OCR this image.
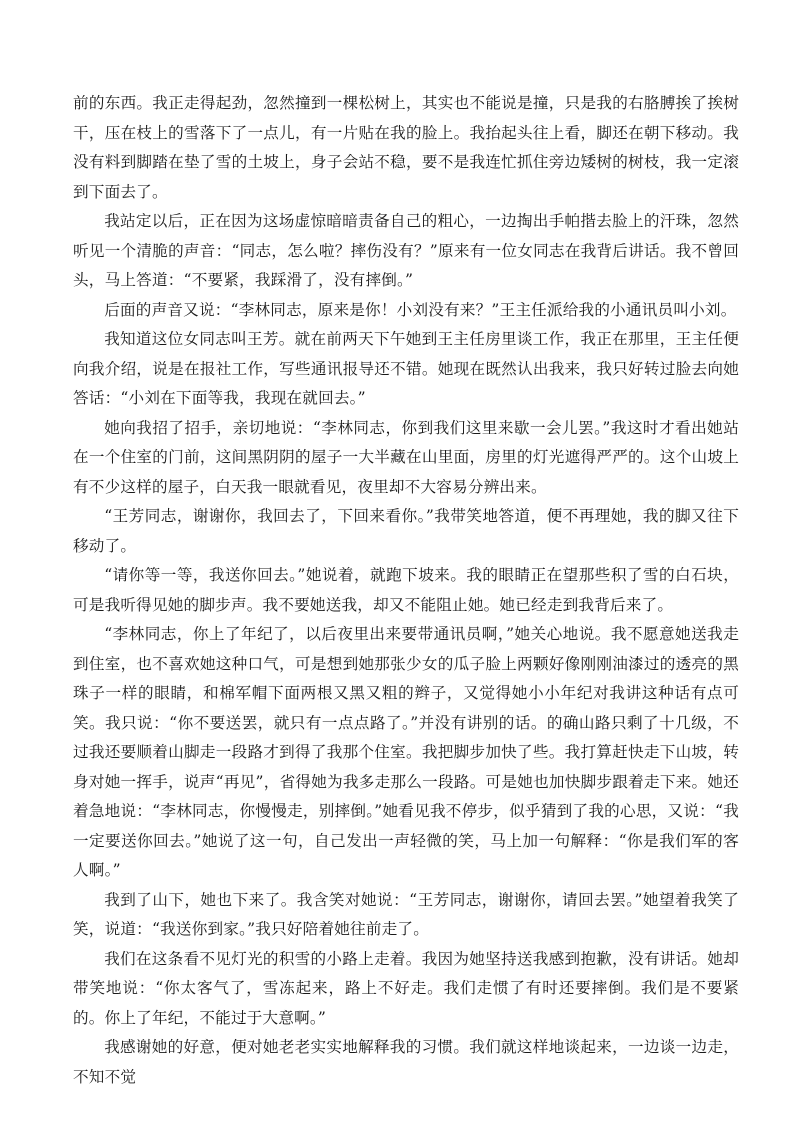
前的东西。我正走得起劲，忽然撞到一棵松树上，其实也不能说是撞，只是我的右胳膊挨了挨树干，压在枝上的雪落下了一点儿，有一片贴在我的脸上。我抬起头往上看，脚还在朝下移动。我没有料到脚踏在垫了雪的土坡上，身子会站不稳，要不是我连忙抓住旁边矮树的树枝，我一定滚到下面去了。

我站定以后，正在因为这场虚惊暗暗责备自己的粗心，一边掏出手帕揩去脸上的汗珠，忽然听见一个清脆的声音：“同志，怎么啦？摔伤没有？”原来有一位女同志在我背后讲话。我不曾回头，马上答道：“不要紧，我踩滑了，没有摔倒。”

后面的声音又说：“李林同志，原来是你！小刘没有来？”王主任派给我的小通讯员叫小刘。

我知道这位女同志叫王芳。就在前两天下午她到王主任房里谈工作，我正在那里，王主任便向我介绍，说是在报社工作，写些通讯报导还不错。她现在既然认出我来，我只好转过脸去向她答话：“小刘在下面等我，我现在就回去。”

她向我招了招手，亲切地说：“李林同志，你到我们这里来歇一会儿罢。”我这时才看出她站在一个住室的门前，这间黑阴阴的屋子一大半藏在山里面，房里的灯光遮得严严的。这个山坡上有不少这样的屋子，白天我一眼就看见，夜里却不大容易分辨出来。

“王芳同志，谢谢你，我回去了，下回来看你。”我带笑地答道，便不再理她，我的脚又往下移动了。

“请你等一等，我送你回去。”她说着，就跑下坡来。我的眼睛正在望那些积了雪的白石块，可是我听得见她的脚步声。我不要她送我，却又不能阻止她。她已经走到我背后来了。

“李林同志，你上了年纪了，以后夜里出来要带通讯员啊，”她关心地说。我不愿意她送我走到住室，也不喜欢她这种口气，可是想到她那张少女的瓜子脸上两颗好像刚刚油漆过的透亮的黑珠子一样的眼睛，和棉军帽下面两根又黑又粗的辫子，又觉得她小小年纪对我讲这种话有点可笑。我只说：“你不要送罢，就只有一点点路了。”并没有讲别的话。的确山路只剩了十几级，不过我还要顺着山脚走一段路才到得了我那个住室。我把脚步加快了些。我打算赶快走下山坡，转身对她一挥手，说声“再见”，省得她为我多走那么一段路。可是她也加快脚步跟着走下来。她还着急地说：“李林同志，你慢慢走，别摔倒。”她看见我不停步，似乎猜到了我的心思，又说：“我一定要送你回去。”她说了这一句，自己发出一声轻微的笑，马上加一句解释：“你是我们军的客人啊。”

我到了山下，她也下来了。我含笑对她说：“王芳同志，谢谢你，请回去罢。”她望着我笑了笑，说道：“我送你到家。”我只好陪着她往前走了。

我们在这条看不见灯光的积雪的小路上走着。我因为她坚持送我感到抱歉，没有讲话。她却带笑地说：“你太客气了，雪冻起来，路上不好走。我们走惯了有时还要摔倒。我们是不要紧的。你上了年纪，不能过于大意啊。”

我感谢她的好意，便对她老老实实地解释我的习惯。我们就这样地谈起来，一边谈一边走，不知不觉
